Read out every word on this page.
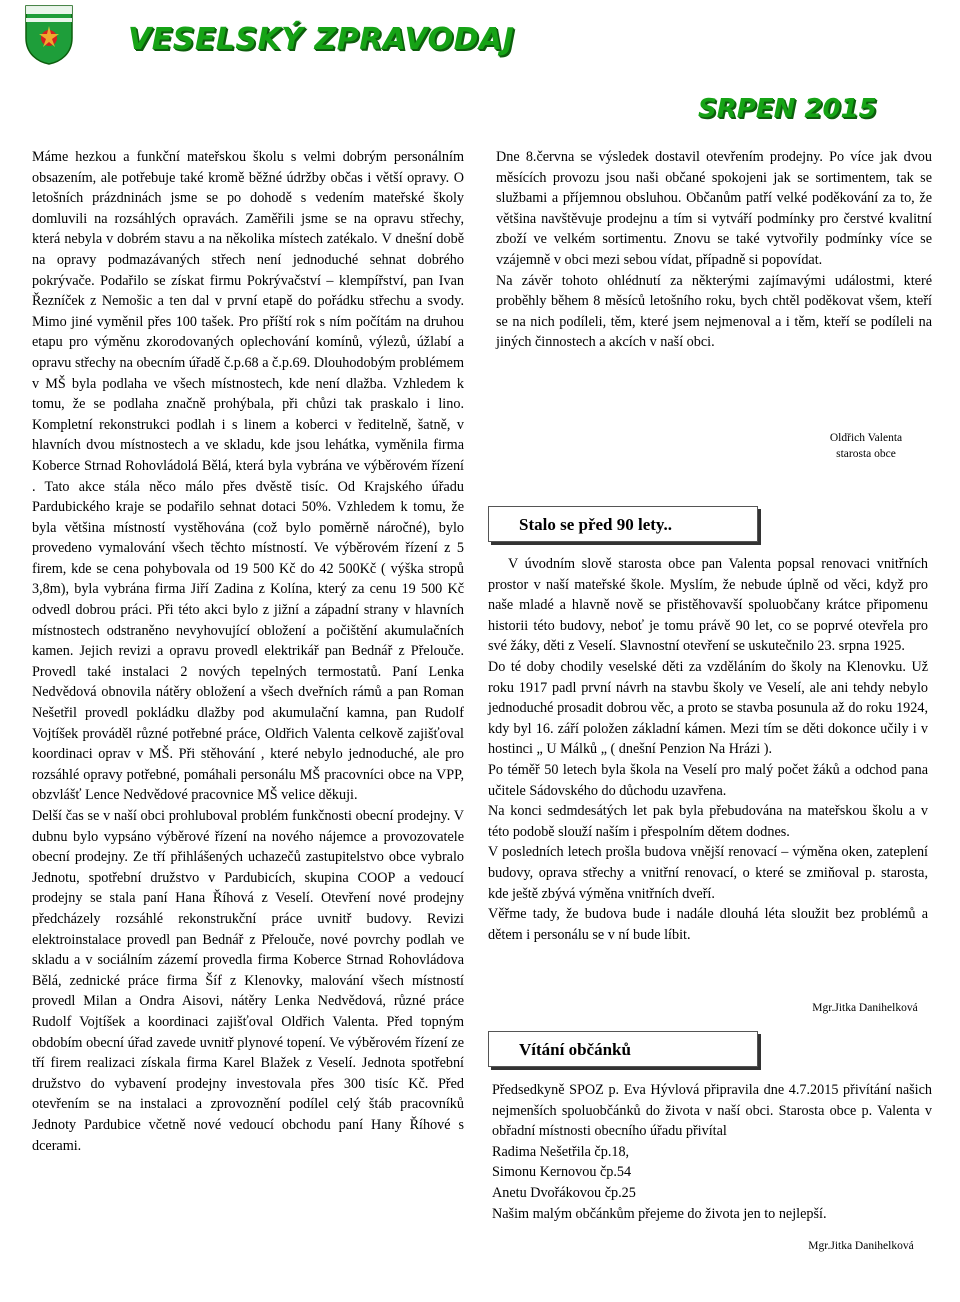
VESELSKÝ ZPRAVODAJ
SRPEN 2015

Máme hezkou a funkční mateřskou školu s velmi dobrým personálním obsazením, ale potřebuje také kromě běžné údržby občas i větší opravy. O letošních prázdninách jsme se po dohodě s vedením mateřské školy domluvili na rozsáhlých opravách. Zaměřili jsme se na opravu střechy, která nebyla v dobrém stavu a na několika místech zatékalo. V dnešní době na opravy podmazávaných střech není jednoduché sehnat dobrého pokrývače. Podařilo se získat firmu Pokrývačství – klempířství, pan Ivan Řezníček z Nemošic a ten dal v první etapě do pořádku střechu a svody. Mimo jiné vyměnil přes 100 tašek. Pro příští rok s ním počítám na druhou etapu pro výměnu zkorodovaných oplechování komínů, výlezů, úžlabí a opravu střechy na obecním úřadě č.p.68 a č.p.69. Dlouhodobým problémem v MŠ byla podlaha ve všech místnostech, kde není dlažba. Vzhledem k tomu, že se podlaha značně prohýbala, při chůzi tak praskalo i lino. Kompletní rekonstrukci podlah i s linem a koberci v ředitelně, šatně, v hlavních dvou místnostech a ve skladu, kde jsou lehátka, vyměnila firma Koberce Strnad Rohovládolá Bělá, která byla vybrána ve výběrovém řízení . Tato akce stála něco málo přes dvěstě tisíc. Od Krajského úřadu Pardubického kraje se podařilo sehnat dotaci 50%. Vzhledem k tomu, že byla většina místností vystěhována (což bylo poměrně náročné), bylo provedeno vymalování všech těchto místností. Ve výběrovém řízení z 5 firem, kde se cena pohybovala od 19 500 Kč do 42 500Kč ( výška stropů 3,8m), byla vybrána firma Jiří Zadina z Kolína, který za cenu 19 500 Kč odvedl dobrou práci. Při této akci bylo z jižní a západní strany v hlavních místnostech odstraněno nevyhovující obložení a počištění akumulačních kamen. Jejich revizi a opravu provedl elektrikář pan Bednář z Přelouče. Provedl také instalaci 2 nových tepelných termostatů. Paní Lenka Nedvědová obnovila nátěry obložení a všech dveřních rámů a pan Roman Nešetřil provedl pokládku dlažby pod akumulační kamna, pan Rudolf Vojtíšek prováděl různé potřebné práce, Oldřich Valenta celkově zajišťoval koordinaci oprav v MŠ. Při stěhování , které nebylo jednoduché, ale pro rozsáhlé opravy potřebné, pomáhali personálu MŠ pracovníci obce na VPP, obzvlášť Lence Nedvědové pracovnice MŠ velice děkuji.

Delší čas se v naší obci prohluboval problém funkčnosti obecní prodejny. V dubnu bylo vypsáno výběrové řízení na nového nájemce a provozovatele obecní prodejny. Ze tří přihlášených uchazečů zastupitelstvo obce vybralo Jednotu, spotřební družstvo v Pardubicích, skupina COOP a vedoucí prodejny se stala paní Hana Říhová z Veselí. Otevření nové prodejny předcházely rozsáhlé rekonstrukční práce uvnitř budovy. Revizi elektroinstalace provedl pan Bednář z Přelouče, nové povrchy podlah ve skladu a v sociálním zázemí provedla firma Koberce Strnad Rohovládova Bělá, zednické práce firma Šíf z Klenovky, malování všech místností provedl Milan a Ondra Aisovi, nátěry Lenka Nedvědová, různé práce Rudolf Vojtíšek a koordinaci zajišťoval Oldřich Valenta. Před topným obdobím obecní úřad zavede uvnitř plynové topení. Ve výběrovém řízení ze tří firem realizaci získala firma Karel Blažek z Veselí. Jednota spotřební družstvo do vybavení prodejny investovala přes 300 tisíc Kč. Před otevřením se na instalaci a zprovoznění podílel celý štáb pracovníků Jednoty Pardubice včetně nové vedoucí obchodu paní Hany Říhové s dcerami.

Dne 8.června se výsledek dostavil otevřením prodejny. Po více jak dvou měsících provozu jsou naši občané spokojeni jak se sortimentem, tak se službami a příjemnou obsluhou. Občanům patří velké poděkování za to, že většina navštěvuje prodejnu a tím si vytváří podmínky pro čerstvé kvalitní zboží ve velkém sortimentu. Znovu se také vytvořily podmínky více se vzájemně v obci mezi sebou vídat, případně si popovídat.

Na závěr tohoto ohlédnutí za některými zajímavými událostmi, které proběhly během 8 měsíců letošního roku, bych chtěl poděkovat všem, kteří se na nich podíleli, těm, které jsem nejmenoval a i těm, kteří se podíleli na jiných činnostech a akcích v naší obci.

Oldřich Valenta
starosta obce
Stalo se před 90 lety..

V úvodním slově starosta obce pan Valenta popsal renovaci vnitřních prostor v naší mateřské škole. Myslím, že nebude úplně od věci, když pro naše mladé a hlavně nově se přistěhovavší spoluobčany krátce připomenu historii této budovy, neboť je tomu právě 90 let, co se poprvé otevřela pro své žáky, děti z Veselí. Slavnostní otevření se uskutečnilo 23. srpna 1925.

Do té doby chodily veselské děti za vzděláním do školy na Klenovku. Už roku 1917 padl první návrh na stavbu školy ve Veselí, ale ani tehdy nebylo jednoduché prosadit dobrou věc, a proto se stavba posunula až do roku 1924, kdy byl 16. září položen základní kámen. Mezi tím se děti dokonce učily i v hostinci „ U Málků „ ( dnešní Penzion Na Hrázi ).

Po téměř 50 letech byla škola na Veselí pro malý počet žáků a odchod pana učitele Sádovského do důchodu uzavřena.

Na konci sedmdesátých let pak byla přebudována na mateřskou školu a v této podobě slouží naším i přespolním dětem dodnes.

V posledních letech prošla budova vnější renovací – výměna oken, zateplení budovy, oprava střechy a vnitřní renovací, o které se zmiňoval p. starosta, kde ještě zbývá výměna vnitřních dveří.

Věřme tady, že budova bude i nadále dlouhá léta sloužit bez problémů a dětem i personálu se v ní bude líbit.

Mgr.Jitka Danihelková
Vítání občánků

Předsedkyně SPOZ p. Eva Hývlová připravila dne 4.7.2015 přivítání našich nejmenších spoluobčánků do života v naší obci. Starosta obce p. Valenta v obřadní místnosti obecního úřadu přivítal

Radima Nešetřila čp.18,

Simonu Kernovou čp.54

Anetu Dvořákovou čp.25

Našim malým občánkům přejeme do života jen to nejlepší.

Mgr.Jitka Danihelková
